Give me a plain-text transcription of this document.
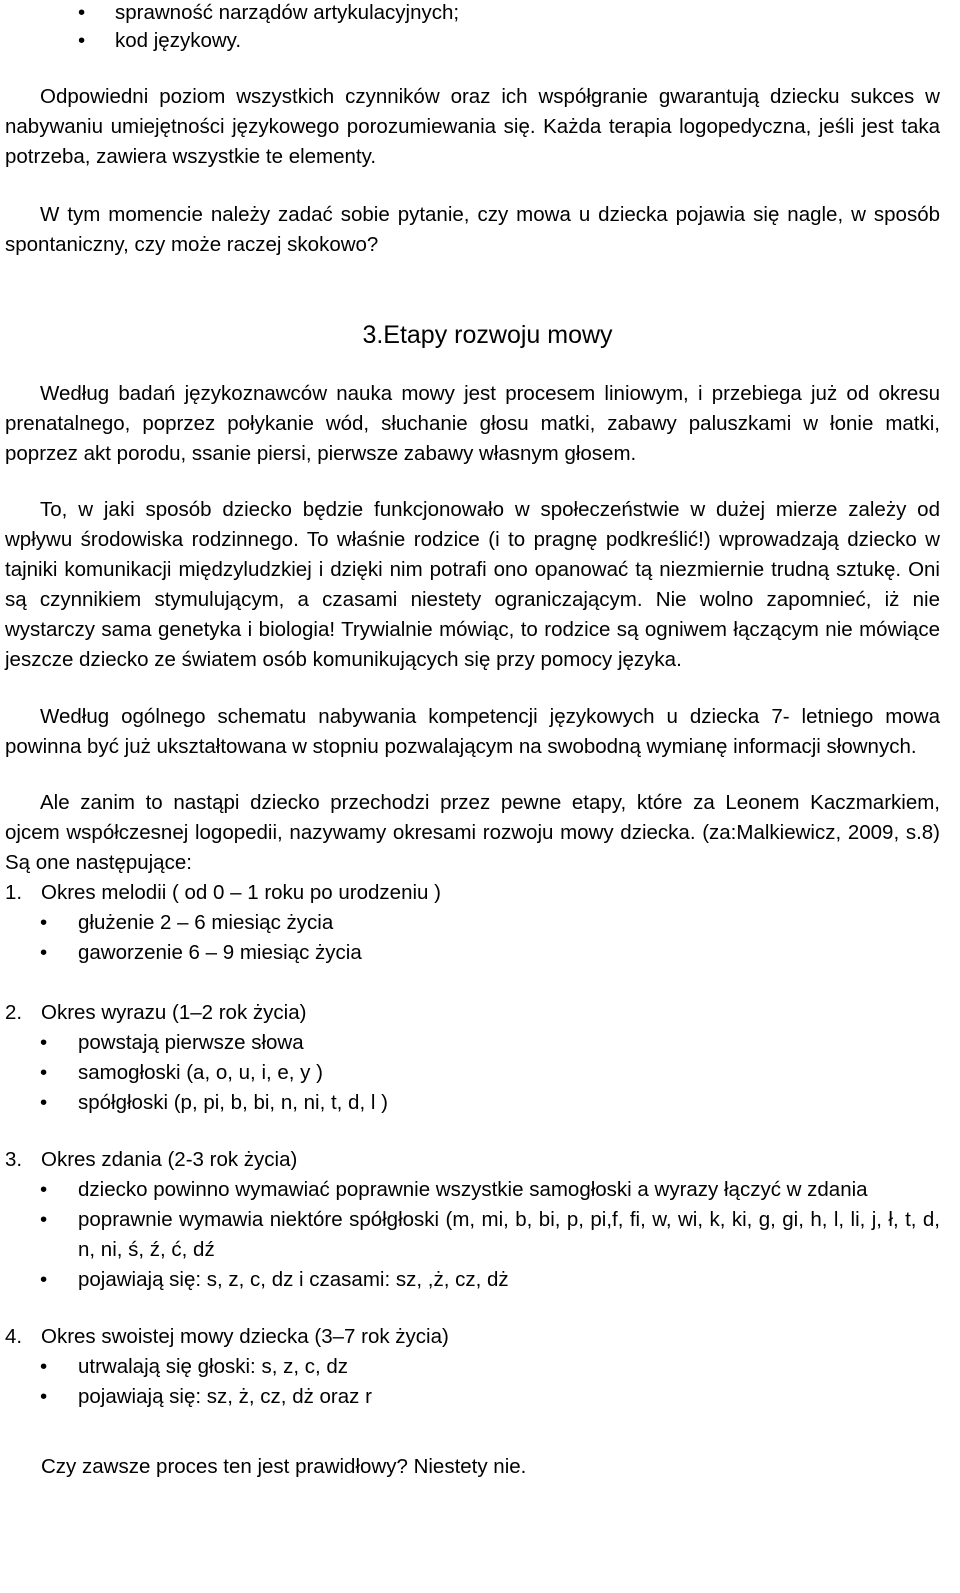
• sprawność narządów artykulacyjnych;
• kod językowy.

Odpowiedni poziom wszystkich czynników oraz ich współgranie gwarantują dziecku sukces w nabywaniu umiejętności językowego porozumiewania się. Każda terapia logopedyczna, jeśli jest taka potrzeba, zawiera wszystkie te elementy.

W tym momencie należy zadać sobie pytanie, czy mowa u dziecka pojawia się nagle, w sposób spontaniczny, czy może raczej skokowo?

3.Etapy rozwoju mowy

Według badań językoznawców nauka mowy jest procesem liniowym, i przebiega już od okresu prenatalnego, poprzez połykanie wód, słuchanie głosu matki, zabawy paluszkami w łonie matki, poprzez akt porodu, ssanie piersi, pierwsze zabawy własnym głosem.

To, w jaki sposób dziecko będzie funkcjonowało w społeczeństwie w dużej mierze zależy od wpływu środowiska rodzinnego. To właśnie rodzice (i to pragnę podkreślić!) wprowadzają dziecko w tajniki komunikacji międzyludzkiej i dzięki nim potrafi ono opanować tą niezmiernie trudną sztukę. Oni są czynnikiem stymulującym, a czasami niestety ograniczającym. Nie wolno zapomnieć, iż nie wystarczy sama genetyka i biologia! Trywialnie mówiąc, to rodzice są ogniwem łączącym nie mówiące jeszcze dziecko ze światem osób komunikujących się przy pomocy języka.

Według ogólnego schematu nabywania kompetencji językowych u dziecka 7- letniego mowa powinna być już ukształtowana w stopniu pozwalającym na swobodną wymianę informacji słownych.

Ale zanim to nastąpi dziecko przechodzi przez pewne etapy, które za Leonem Kaczmarkiem, ojcem współczesnej logopedii, nazywamy okresami rozwoju mowy dziecka. (za:Malkiewicz, 2009, s.8) Są one następujące:

1. Okres melodii ( od 0 – 1 roku po urodzeniu )
• głużenie 2 – 6 miesiąc życia
• gaworzenie 6 – 9 miesiąc życia
2. Okres wyrazu (1–2 rok życia)
• powstają pierwsze słowa
• samogłoski (a, o, u, i, e, y )
• spółgłoski (p, pi, b, bi, n, ni, t, d, l )
3. Okres zdania (2-3 rok życia)
• dziecko powinno wymawiać poprawnie wszystkie samogłoski a wyrazy łączyć w zdania
• poprawnie wymawia niektóre spółgłoski (m, mi, b, bi, p, pi,f, fi, w, wi, k, ki, g, gi, h, l, li, j, ł, t, d, n, ni, ś, ź, ć, dź
• pojawiają się: s, z, c, dz i czasami: sz, ,ż, cz, dż
4. Okres swoistej mowy dziecka (3–7 rok życia)
• utrwalają się głoski: s, z, c, dz
• pojawiają się: sz, ż, cz, dż oraz r

Czy zawsze proces ten jest prawidłowy? Niestety nie.
